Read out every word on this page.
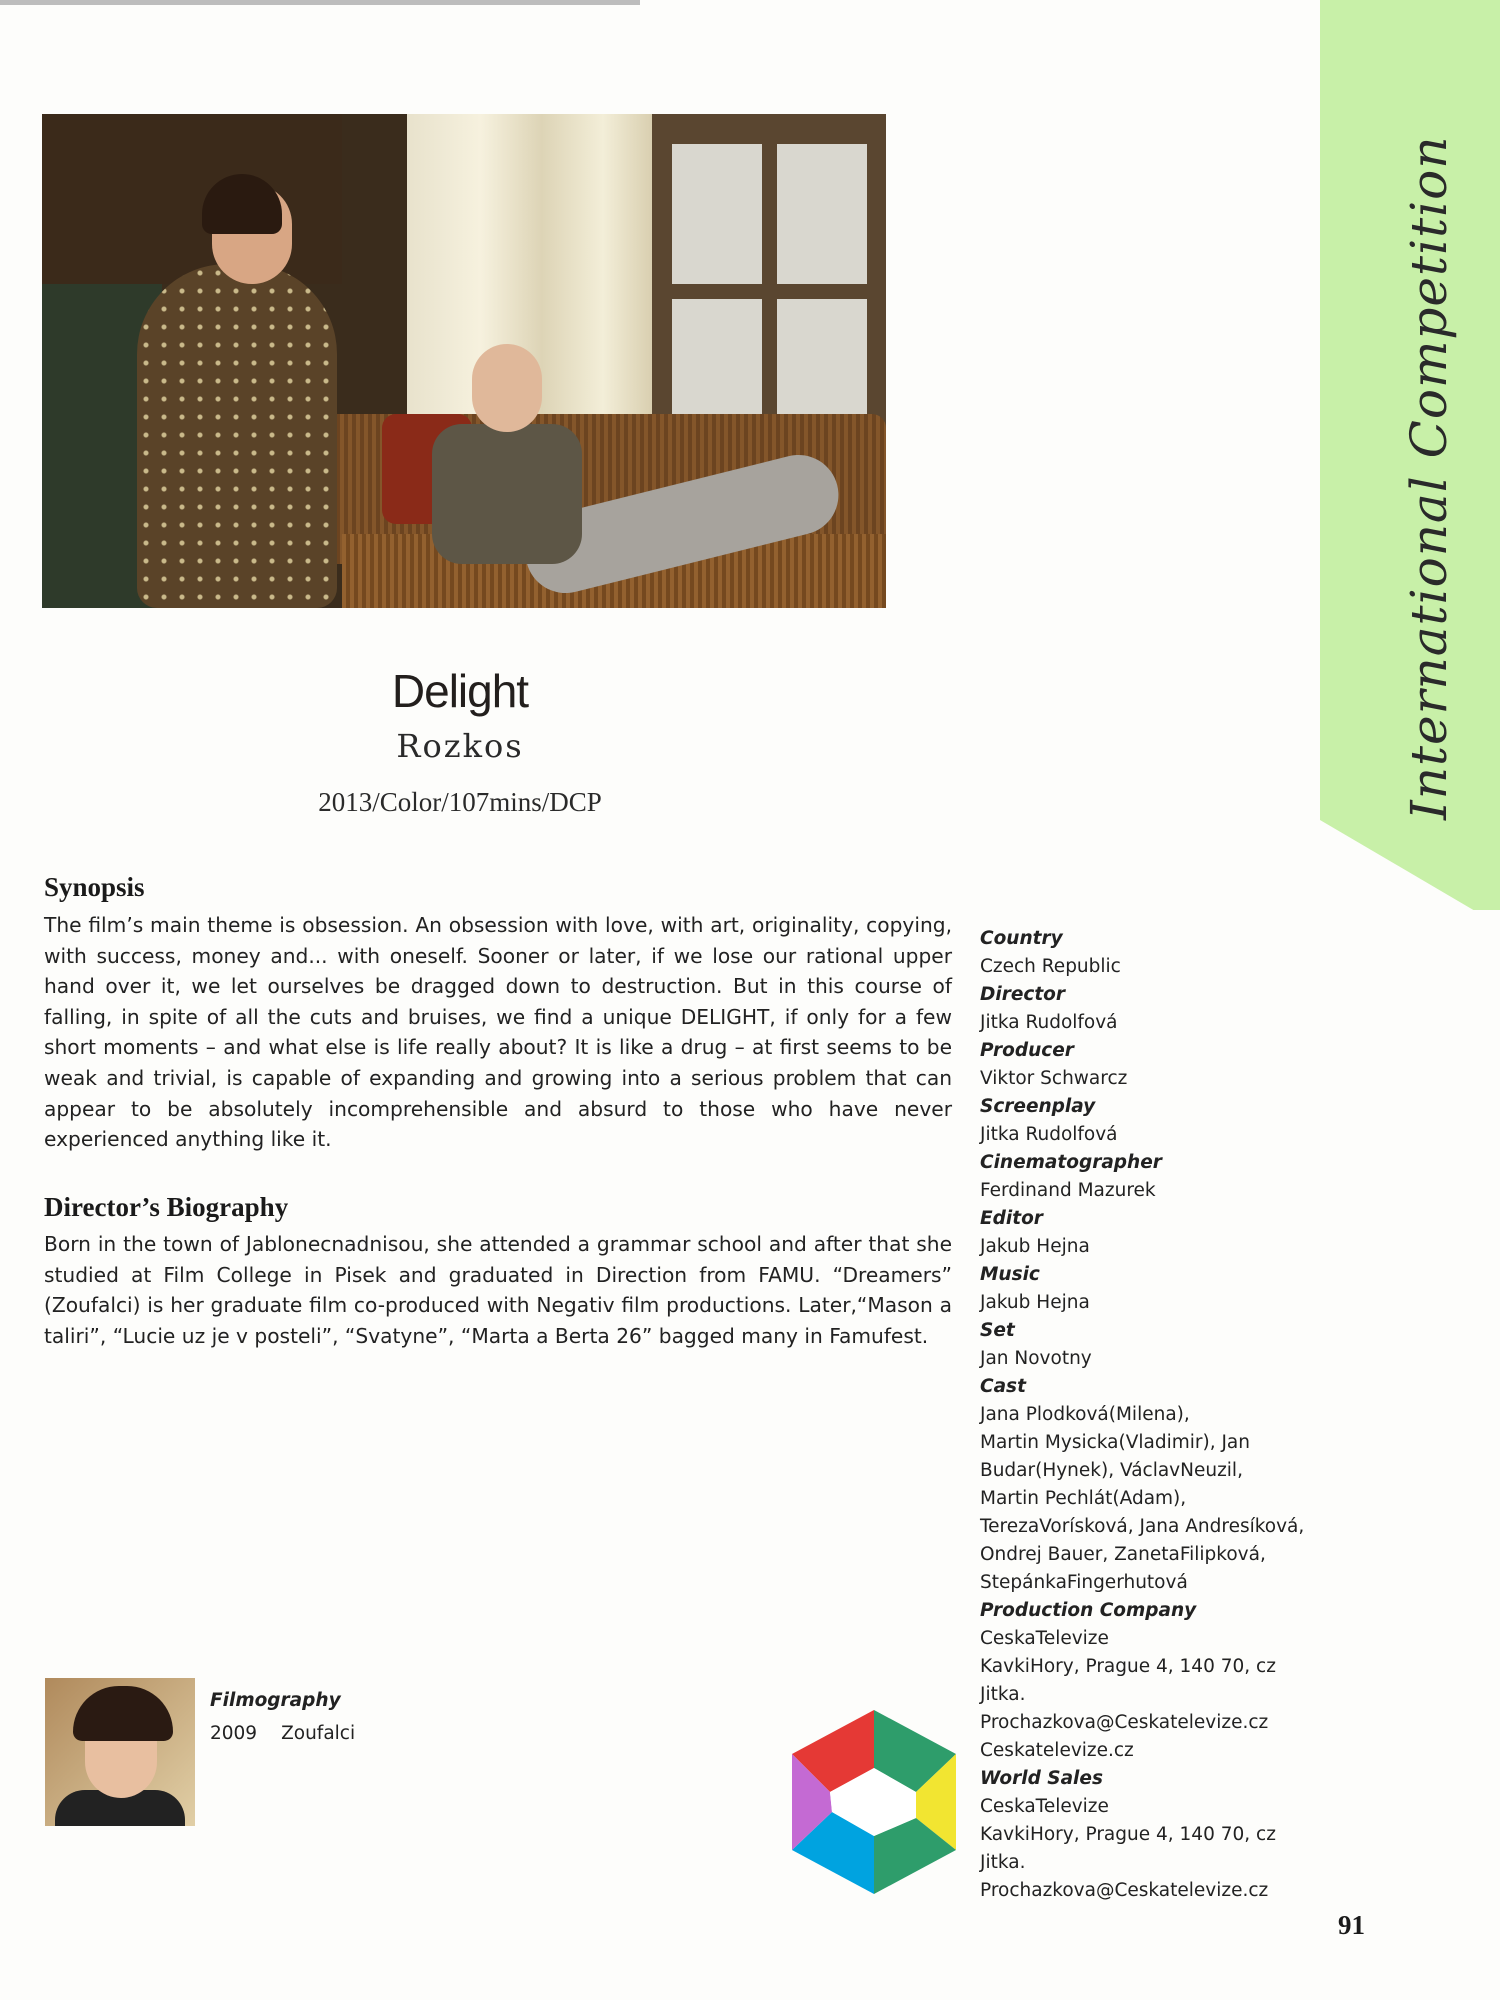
International Competition
Delight
Rozkos
2013/Color/107mins/DCP
Synopsis
The film’s main theme is obsession. An obsession with love, with art, originality, copying, with success, money and... with oneself. Sooner or later, if we lose our rational upper hand over it, we let ourselves be dragged down to destruction. But in this course of falling, in spite of all the cuts and bruises, we find a unique DELIGHT, if only for a few short moments – and what else is life really about? It is like a drug – at first seems to be weak and trivial, is capable of expanding and growing into a serious problem that can appear to be absolutely incomprehensible and absurd to those who have never experienced anything like it.
Director’s Biography
Born in the town of Jablonecnadnisou, she attended a grammar school and after that she studied at Film College in Pisek and graduated in Direction from FAMU. “Dreamers” (Zoufalci) is her graduate film co-produced with Negativ film productions. Later,“Mason a taliri”, “Lucie uz je v posteli”, “Svatyne”, “Marta a Berta 26” bagged many in Famufest.
Country
Czech Republic
Director
Jitka Rudolfová
Producer
Viktor Schwarcz
Screenplay
Jitka Rudolfová
Cinematographer
Ferdinand Mazurek
Editor
Jakub Hejna
Music
Jakub Hejna
Set
Jan Novotny
Cast
Jana Plodková(Milena),
Martin Mysicka(Vladimir), Jan
Budar(Hynek), VáclavNeuzil,
Martin Pechlát(Adam),
TerezaVorísková, Jana Andresíková,
Ondrej Bauer, ZanetaFilipková,
StepánkaFingerhutová
Production Company
CeskaTelevize
KavkiHory, Prague 4, 140 70, cz
Jitka. Prochazkova@Ceskatelevize.cz
Ceskatelevize.cz
World Sales
CeskaTelevize
KavkiHory, Prague 4, 140 70, cz
Jitka. Prochazkova@Ceskatelevize.cz
Filmography
2009 Zoufalci
91
